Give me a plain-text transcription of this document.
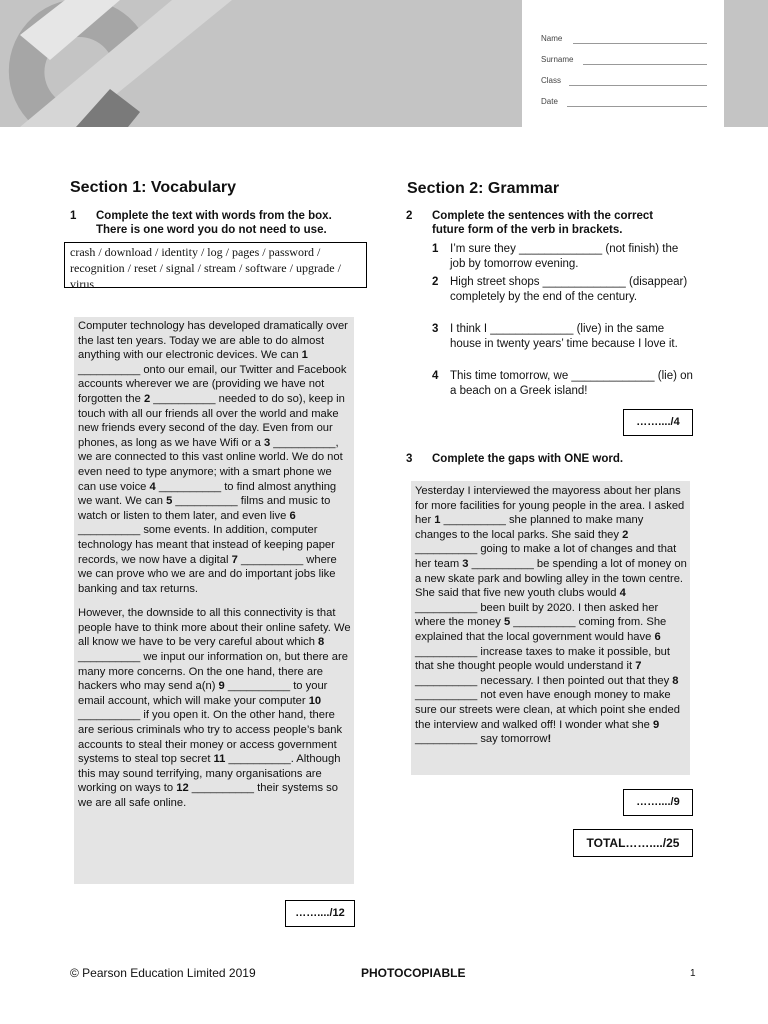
Name
Surname
Class
Date
Section 1: Vocabulary
1 Complete the text with words from the box.
There is one word you do not need to use.
crash / download / identity / log / pages / password / recognition / reset / signal / stream / software / upgrade / virus

Computer technology has developed dramatically over the last ten years. Today we are able to do almost anything with our electronic devices. We can 1 __________ onto our email, our Twitter and Facebook accounts wherever we are (providing we have not forgotten the 2 __________ needed to do so), keep in touch with all our friends all over the world and make new friends every second of the day. Even from our phones, as long as we have Wifi or a 3 __________, we are connected to this vast online world. We do not even need to type anymore; with a smart phone we can use voice 4 __________ to find almost anything we want. We can 5 __________ films and music to watch or listen to them later, and even live 6 __________ some events. In addition, computer technology has meant that instead of keeping paper records, we now have a digital 7 __________ where we can prove who we are and do important jobs like banking and tax returns.

However, the downside to all this connectivity is that people have to think more about their online safety. We all know we have to be very careful about which 8 __________ we input our information on, but there are many more concerns. On the one hand, there are hackers who may send a(n) 9 __________ to your email account, which will make your computer 10 __________ if you open it. On the other hand, there are serious criminals who try to access people’s bank accounts to steal their money or access government systems to steal top secret 11 __________. Although this may sound terrifying, many organisations are working on ways to 12 __________ their systems so we are all safe online.

……..../12
Section 2: Grammar
2 Complete the sentences with the correct
future form of the verb in brackets.
1 I’m sure they _____________ (not finish) the job by tomorrow evening.
2 High street shops _____________ (disappear) completely by the end of the century.
3 I think I _____________ (live) in the same house in twenty years’ time because I love it.
4 This time tomorrow, we _____________ (lie) on a beach on a Greek island!
……..../4
3 Complete the gaps with ONE word.

Yesterday I interviewed the mayoress about her plans for more facilities for young people in the area. I asked her 1 __________ she planned to make many changes to the local parks. She said they 2 __________ going to make a lot of changes and that her team 3 __________ be spending a lot of money on a new skate park and bowling alley in the town centre. She said that five new youth clubs would 4 __________ been built by 2020. I then asked her where the money 5 __________ coming from. She explained that the local government would have 6 __________ increase taxes to make it possible, but that she thought people would understand it 7 __________ necessary. I then pointed out that they 8 __________ not even have enough money to make sure our streets were clean, at which point she ended the interview and walked off! I wonder what she 9 __________ say tomorrow!

……..../9
TOTAL……..../25
© Pearson Education Limited 2019	PHOTOCOPIABLE	1
